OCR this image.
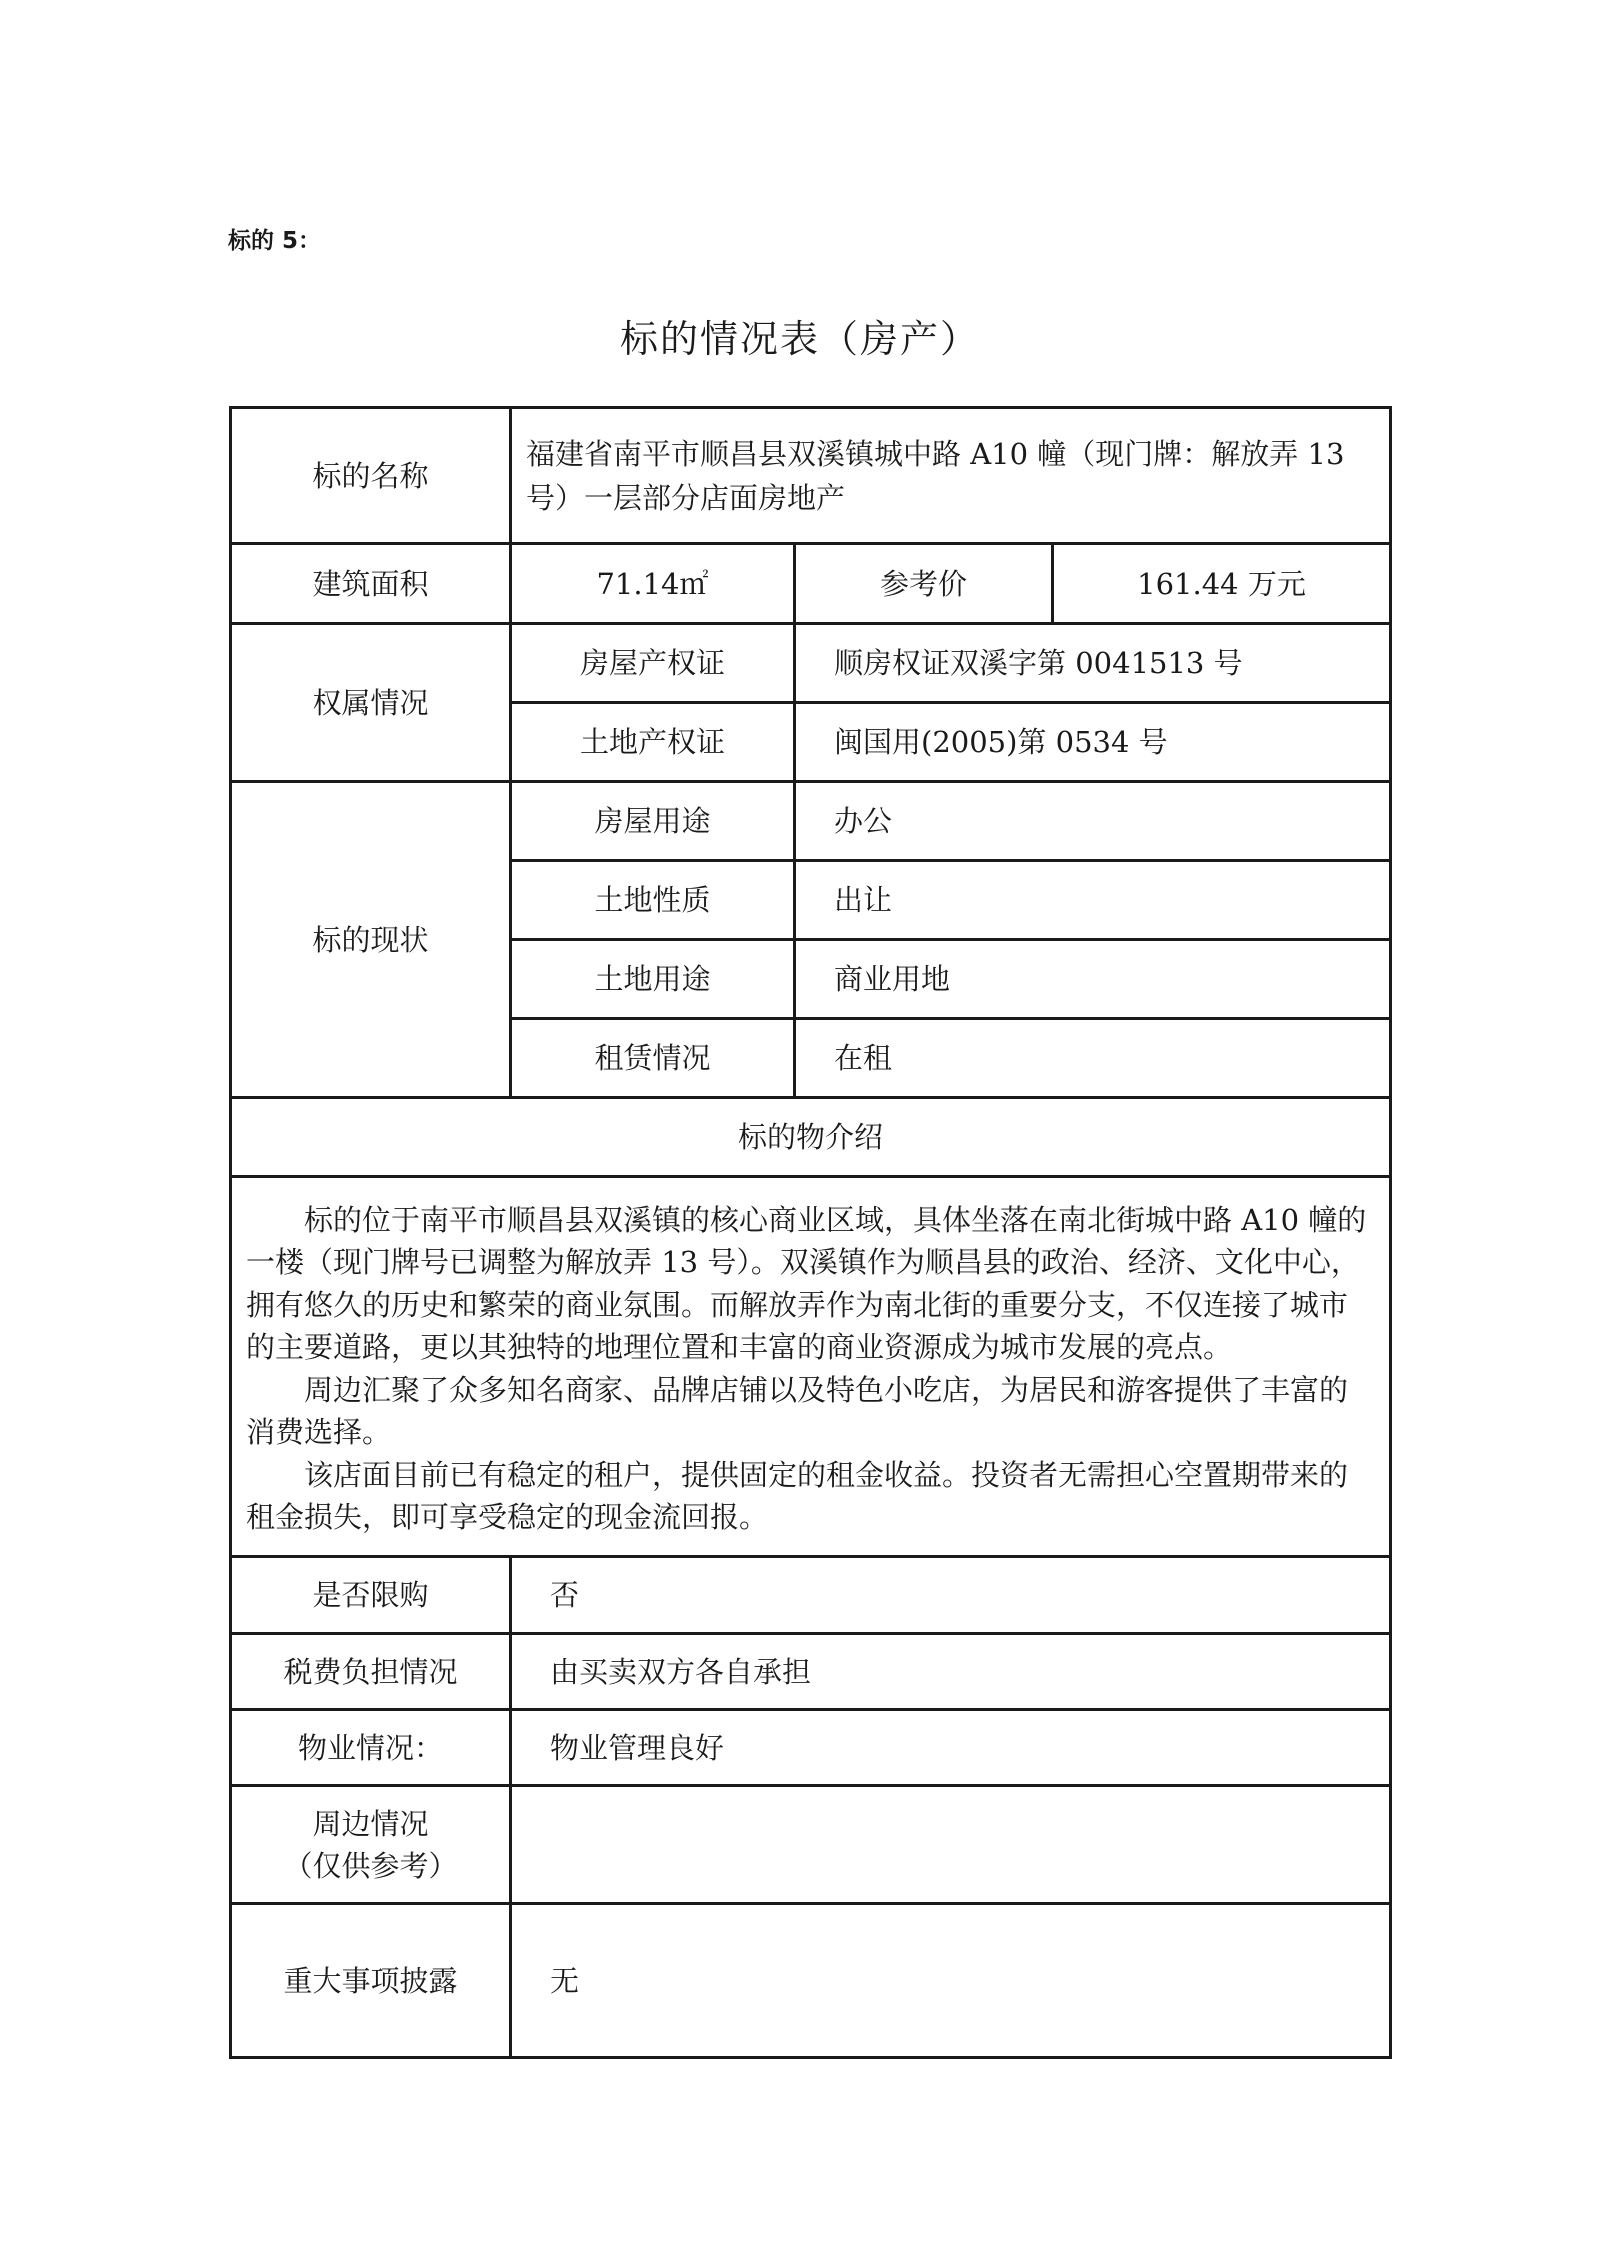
标的 5：
标的情况表（房产）
标的名称	福建省南平市顺昌县双溪镇城中路 A10 幢（现门牌：解放弄 13 号）一层部分店面房地产		
建筑面积	71.14㎡	参考价	161.44 万元
权属情况	房屋产权证	顺房权证双溪字第 0041513 号	
	土地产权证	闽国用(2005)第 0534 号	
标的现状	房屋用途	办公	
	土地性质	出让	
	土地用途	商业用地	
	租赁情况	在租	
标的物介绍			

标的位于南平市顺昌县双溪镇的核心商业区域，具体坐落在南北街城中路 A10 幢的一楼（现门牌号已调整为解放弄 13 号）。双溪镇作为顺昌县的政治、经济、文化中心，拥有悠久的历史和繁荣的商业氛围。而解放弄作为南北街的重要分支，不仅连接了城市的主要道路，更以其独特的地理位置和丰富的商业资源成为城市发展的亮点。

周边汇聚了众多知名商家、品牌店铺以及特色小吃店，为居民和游客提供了丰富的消费选择。

该店面目前已有稳定的租户，提供固定的租金收益。投资者无需担心空置期带来的租金损失，即可享受稳定的现金流回报。			

是否限购	否		
税费负担情况	由买卖双方各自承担		
物业情况：	物业管理良好		

周边情况
（仅供参考）			

重大事项披露	无		
